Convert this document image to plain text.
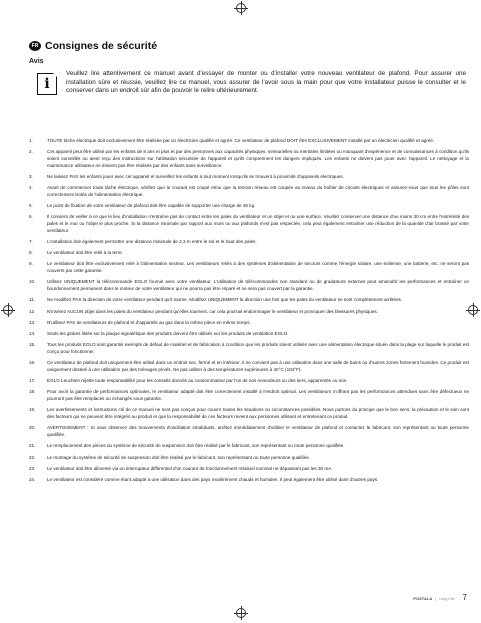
FR Consignes de sécurité
Avis
i
Veuillez lire attentivement ce manuel avant d'essayer de monter ou d'installer votre nouveau ventilateur de plafond. Pour assurer une installation sûre et réussie, veuillez lire ce manuel, vous assurer de l'avoir sous la main pour que votre installateur puisse le consulter et le conserver dans un endroit sûr afin de pouvoir le relire ultérieurement.
1.	TOUTE tâche électrique doit exclusivement être réalisée par un électricien qualifié et agréé. Ce ventilateur de plafond DOIT être EXCLUSIVEMENT installé par un électricien qualifié et agréé.
2.	Cet appareil peut être utilisé par les enfants de 8 ans et plus et par des personnes aux capacités physiques, sensorielles ou mentales limitées ou manquant d'expérience et de connaissances à condition qu'ils soient surveillés ou aient reçu des instructions sur l'utilisation sécurisée de l'appareil et qu'ils comprennent les dangers impliqués. Les enfants ne doivent pas jouer avec l'appareil. Le nettoyage et la maintenance utilisateur ne doivent pas être réalisés par des enfants sans surveillance.
3.	Ne laissez PAS les enfants jouer avec cet appareil et surveillez les enfants à tout moment lorsqu'ils se trouvent à proximité d'appareils électriques.
4.	Avant de commencer toute tâche électrique, vérifiez que le courant est coupé et/ou que la tension réseau est coupée au niveau du boîtier de circuits électriques et assurez-vous que tous les pôles sont correctement isolés de l'alimentation électrique.
5.	Le point de fixation de votre ventilateur de plafond doit être capable de supporter une charge de 45 kg.
6.	Il convient de veiller à ce que le lieu d'installation n'entraîne pas de contact entre les pales du ventilateur et un objet et ou une surface. Veuillez conserver une distance d'au moins 30 cm entre l'extrémité des pales et le mur ou l'objet le plus proche. Si la distance minimale par rapport aux murs ou aux plafonds n'est pas respectée, cela peut également entraîner une réduction de la quantité d'air brassé par votre ventilateur.
7.	L'installation doit également permettre une distance minimale de 2,3 m entre le sol et le haut des pales.
8.	Le ventilateur doit être relié à la terre.
9.	Le ventilateur doit être exclusivement relié à l'alimentation secteur. Les ventilateurs reliés à des systèmes d'alimentation de secours comme l'énergie solaire, une éolienne, une batterie, etc. ne seront pas couverts par cette garantie.
10.	Utilisez UNIQUEMENT la télécommande EGLO fournie avec votre ventilateur. L'utilisation de télécommandes non standard ou de gradateurs externes peut amoindrir les performances et entraîner un bourdonnement permanent dans le moteur de votre ventilateur qui ne pourra pas être réparé et ne sera pas couvert par la garantie.
11.	Ne modifiez PAS la direction de votre ventilateur pendant qu'il tourne. Modifiez UNIQUEMENT la direction une fois que les pales du ventilateur se sont complètement arrêtées.
12.	N'insérez AUCUN objet dans les pales du ventilateur pendant qu'elles tournent, car cela pourrait endommager le ventilateur et provoquer des blessures physiques.
13.	N'utilisez PAS de ventilateurs de plafond et d'appareils au gaz dans la même pièce en même temps.
14.	Seuls les globes listés sur la plaque signalétique des produits doivent être utilisés sur les produits de ventilation EGLO.
15.	Tous les produits EGLO sont garantis exempts de défaut de matériel et de fabrication à condition que les produits soient utilisés avec une alimentation électrique située dans la plage sur laquelle le produit est conçu pour fonctionner.
16.	Ce ventilateur de plafond doit uniquement être utilisé dans un endroit sec, fermé et en intérieur. Il ne convient pas à une utilisation dans une salle de bains ou d'autres zones fortement humides. Ce produit est uniquement destiné à une utilisation par des ménages privés. Ne pas utiliser à des températures supérieures à 40°C (104°F).
17.	EGLO Leuchten rejette toute responsabilité pour les conseils donnés au consommateur par l'un de nos revendeurs ou des tiers, apparentés ou non.
18.	Pour avoir la garantie de performances optimales, le ventilateur adapté doit être correctement installé à l'endroit optimal. Les ventilateurs n'offrant pas les performances attendues sans être défectueux ne pourront pas être remplacés ou échangés sous garantie.
19.	Les avertissements et instructions clé de ce manuel ne sont pas conçus pour couvrir toutes les situations ou circonstances possibles. Nous partons du principe que le bon sens, la précaution et le soin sont des facteurs qui ne peuvent être intégrés au produit et que la responsabilité de ces facteurs revient aux personnes utilisant et entretenant ce produit.
20.	AVERTISSEMENT : Si vous observez des mouvements d'oscillation inhabituels, arrêtez immédiatement d'utiliser le ventilateur de plafond et contactez le fabricant, son représentant ou toute personne qualifiée.
21.	Le remplacement des pièces du système de sécurité de suspension doit être réalisé par le fabricant, son représentant ou toute personne qualifiée.
22.	Le montage du système de sécurité de suspension doit être réalisé par le fabricant, son représentant ou toute personne qualifiée.
23.	Le ventilateur doit être alimenté via un interrupteur différentiel d'un courant de fonctionnement résiduel nominal ne dépassant pas les 30 mA.
24.	Le ventilateur est considéré comme étant adapté à une utilisation dans des pays modérément chauds et humides. Il peut également être utilisé dans d'autres pays.
POSTALA | Long Fan 7
